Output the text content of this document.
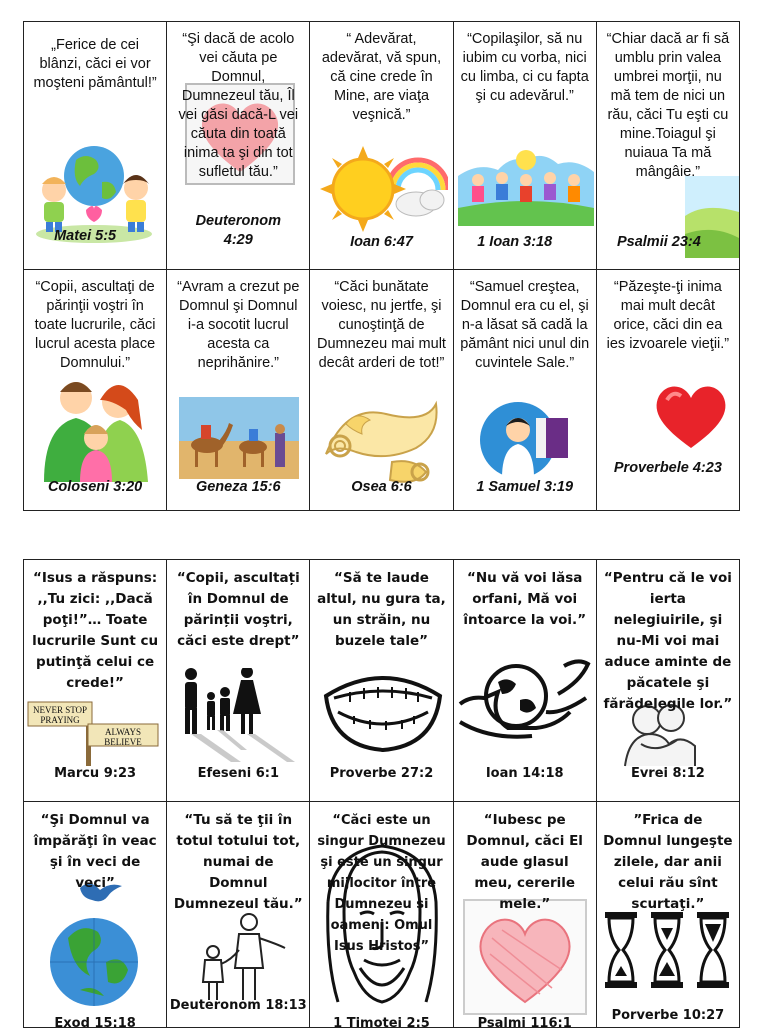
„Ferice de cei blânzi, căci ei vor moşteni pământul!”
Matei 5:5
“Şi dacă de acolo vei căuta pe Domnul, Dumnezeul tău, Îl vei găsi dacă-L vei căuta din toată inima ta şi din tot sufletul tău.”
Deuteronom 4:29
“ Adevărat, adevărat, vă spun, că cine crede în Mine, are viaţa veşnică.”
Ioan 6:47
“Copilaşilor, să nu iubim cu vorba, nici cu limba, ci cu fapta şi cu adevărul.”
1 Ioan 3:18
“Chiar dacă ar fi să umblu prin valea umbrei morţii, nu mă tem de nici un rău, căci Tu eşti cu mine.Toiagul şi nuiaua Ta mă mângâie.”
Psalmii 23:4
“Copii, ascultaţi de părinţii voştri în toate lucrurile, căci lucrul acesta place Domnului.”
Coloseni 3:20
“Avram a crezut pe Domnul şi Domnul i-a socotit lucrul acesta ca neprihănire.”
Geneza 15:6
“Căci bunătate voiesc, nu jertfe, şi cunoştinţă de Dumnezeu mai mult decât arderi de tot!”
Osea 6:6
“Samuel creştea, Domnul era cu el, şi n-a lăsat să cadă la pământ nici unul din cuvintele Sale.”
1 Samuel 3:19
“Păzeşte-ţi inima mai mult decât orice, căci din ea ies izvoarele vieţii.”
Proverbele 4:23
“Isus a răspuns: ,,Tu zici: ,,Dacă poţi!”… Toate lucrurile Sunt cu putinţă celui ce crede!”
NEVER STOP PRAYING
ALWAYS BELIEVE
Marcu 9:23
“Copii, ascultați în Domnul de părinții voştri, căci este drept”
Efeseni 6:1
“Să te laude altul, nu gura ta, un străin, nu buzele tale”
Proverbe 27:2
“Nu vă voi lăsa orfani, Mă voi întoarce la voi.”
Ioan 14:18
“Pentru că le voi ierta nelegiuirile, şi nu-Mi voi mai aduce aminte de păcatele şi fărădelegile lor.”
Evrei 8:12
“Şi Domnul va împărăţi în veac şi în veci de veci”
Exod 15:18
“Tu să te ţii în totul totului tot, numai de Domnul Dumnezeul tău.”
Deuteronom 18:13
“Căci este un singur Dumnezeu şi este un singur mijlocitor între Dumnezeu şi oameni: Omul Isus Hristos”
1 Timotei 2:5
“Iubesc pe Domnul, căci El aude glasul meu, cererile mele.”
Psalmi 116:1
”Frica de Domnul lungeşte zilele, dar anii celui rău sînt scurtaţi.”
Porverbe 10:27
